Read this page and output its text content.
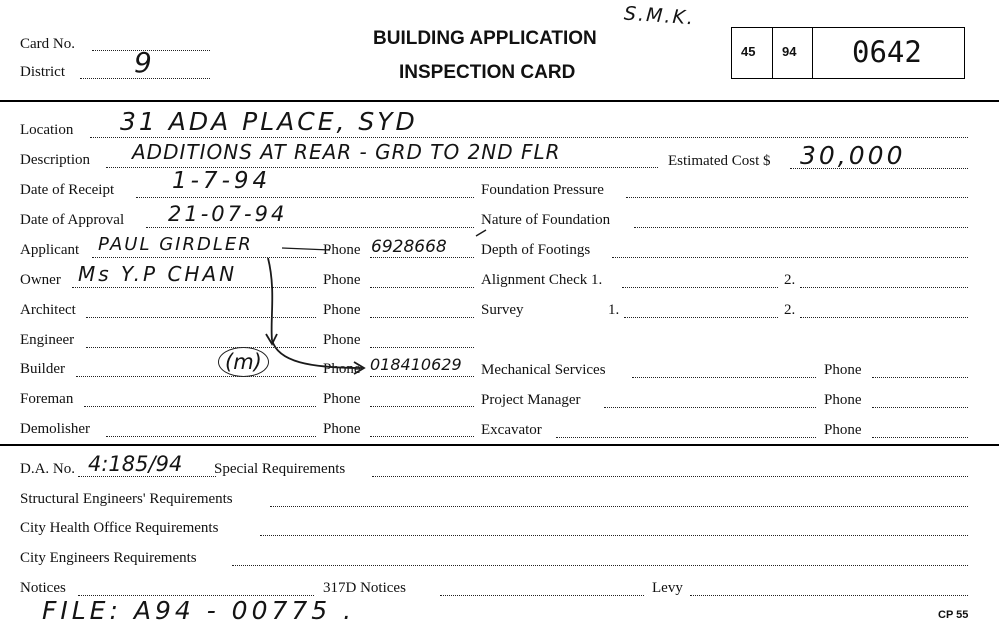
Card No.
District 9
BUILDING APPLICATION
INSPECTION CARD
S.M.K.
45 94 0642
Location 31 ADA PLACE, SYD
Description ADDITIONS AT REAR - GRD TO 2ND FLR	Estimated Cost $ 30,000
Date of Receipt	1-7-94	Foundation Pressure
Date of Approval 21-07-94	Nature of Foundation
Applicant PAUL GIRDLER	Phone 6928668 Depth of Footings
Owner Ms Y.P CHAN	Phone	Alignment Check 1.	2.
Architect	Phone	Survey	1.	2.
Engineer	Phone
Builder	(m)	Phone 018410629 Mechanical Services	Phone
Foreman	Phone	Project Manager	Phone
Demolisher	Phone	Excavator	Phone
D.A. No. 4:185/94 Special Requirements
Structural Engineers' Requirements
City Health Office Requirements
City Engineers Requirements
Notices	317D Notices	Levy
FILE: A94 - 00775 .	CP 55
